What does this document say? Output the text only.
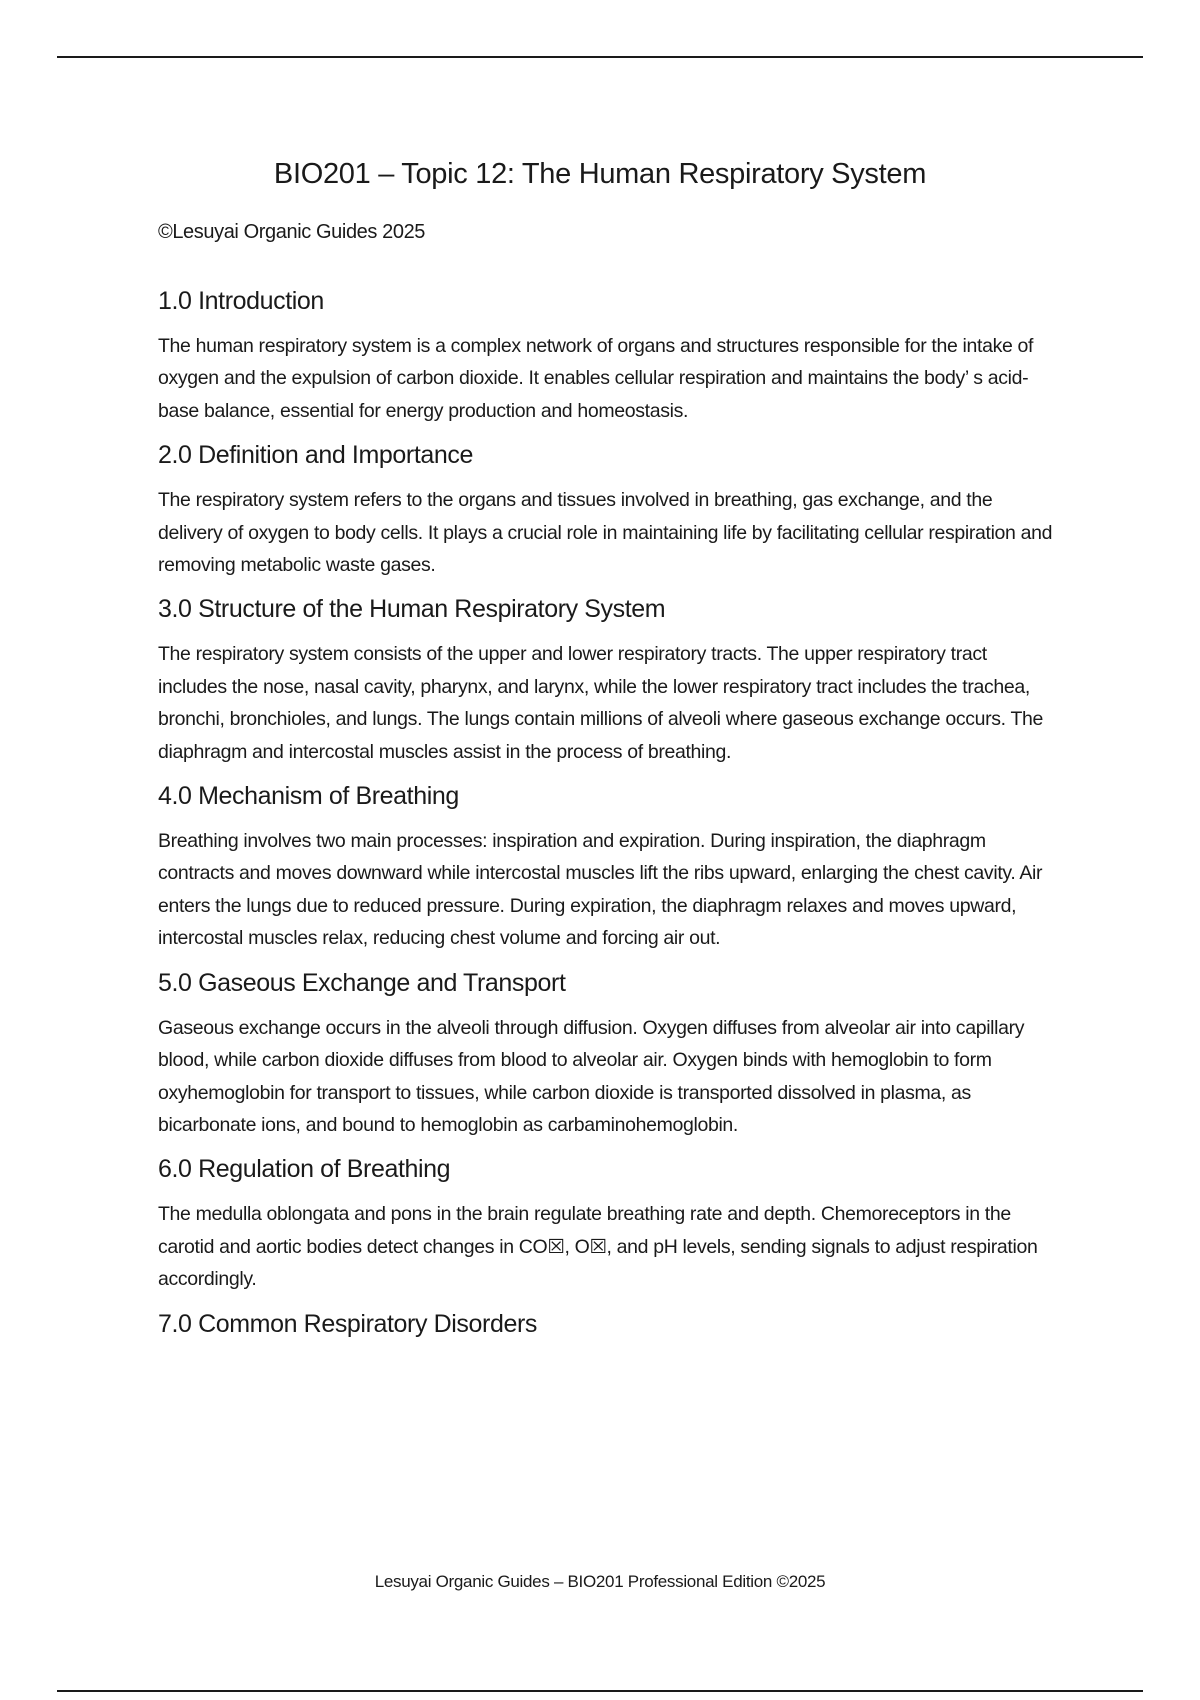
BIO201 – Topic 12: The Human Respiratory System

©Lesuyai Organic Guides 2025

1.0 Introduction

The human respiratory system is a complex network of organs and structures responsible for the intake of oxygen and the expulsion of carbon dioxide. It enables cellular respiration and maintains the body’ s acid-base balance, essential for energy production and homeostasis.

2.0 Definition and Importance

The respiratory system refers to the organs and tissues involved in breathing, gas exchange, and the delivery of oxygen to body cells. It plays a crucial role in maintaining life by facilitating cellular respiration and removing metabolic waste gases.

3.0 Structure of the Human Respiratory System

The respiratory system consists of the upper and lower respiratory tracts. The upper respiratory tract includes the nose, nasal cavity, pharynx, and larynx, while the lower respiratory tract includes the trachea, bronchi, bronchioles, and lungs. The lungs contain millions of alveoli where gaseous exchange occurs. The diaphragm and intercostal muscles assist in the process of breathing.

4.0 Mechanism of Breathing

Breathing involves two main processes: inspiration and expiration. During inspiration, the diaphragm contracts and moves downward while intercostal muscles lift the ribs upward, enlarging the chest cavity. Air enters the lungs due to reduced pressure. During expiration, the diaphragm relaxes and moves upward, intercostal muscles relax, reducing chest volume and forcing air out.

5.0 Gaseous Exchange and Transport

Gaseous exchange occurs in the alveoli through diffusion. Oxygen diffuses from alveolar air into capillary blood, while carbon dioxide diffuses from blood to alveolar air. Oxygen binds with hemoglobin to form oxyhemoglobin for transport to tissues, while carbon dioxide is transported dissolved in plasma, as bicarbonate ions, and bound to hemoglobin as carbaminohemoglobin.

6.0 Regulation of Breathing

The medulla oblongata and pons in the brain regulate breathing rate and depth. Chemoreceptors in the carotid and aortic bodies detect changes in CO☒, O☒, and pH levels, sending signals to adjust respiration accordingly.

7.0 Common Respiratory Disorders

Lesuyai Organic Guides – BIO201 Professional Edition ©2025
